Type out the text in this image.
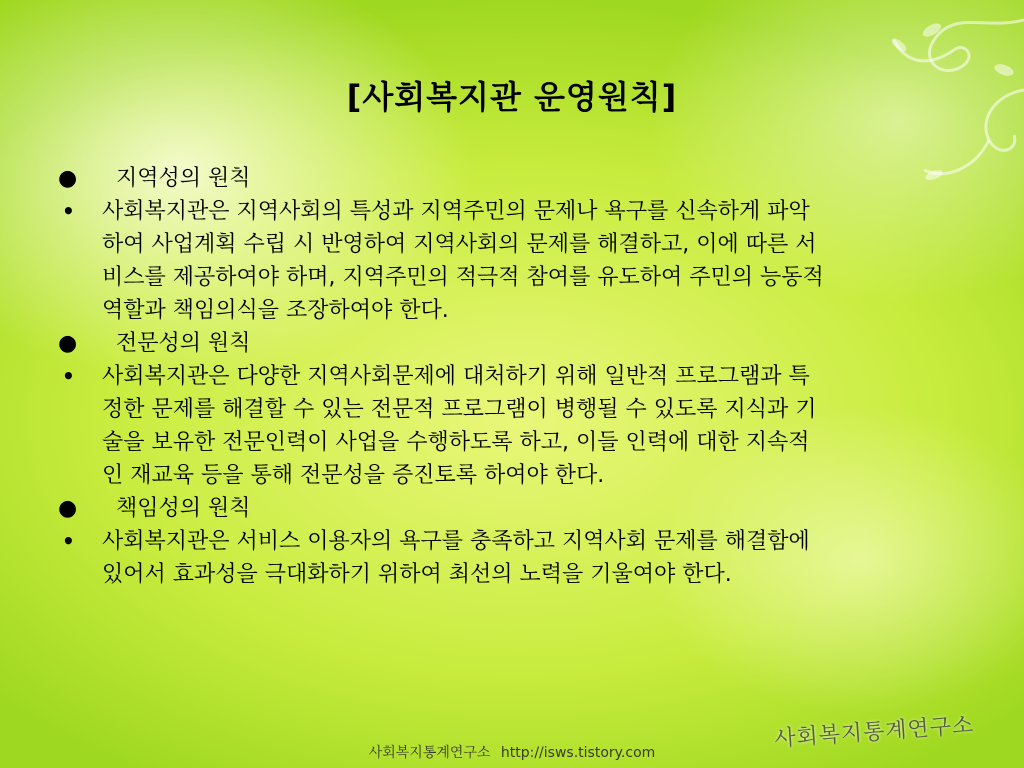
[사회복지관 운영원칙]
●	지역성의 원칙
•	사회복지관은 지역사회의 특성과 지역주민의 문제나 욕구를 신속하게 파악하여 사업계획 수립 시 반영하여 지역사회의 문제를 해결하고, 이에 따른 서비스를 제공하여야 하며, 지역주민의 적극적 참여를 유도하여 주민의 능동적 역할과 책임의식을 조장하여야 한다.
●	전문성의 원칙
•	사회복지관은 다양한 지역사회문제에 대처하기 위해 일반적 프로그램과 특정한 문제를 해결할 수 있는 전문적 프로그램이 병행될 수 있도록 지식과 기술을 보유한 전문인력이 사업을 수행하도록 하고, 이들 인력에 대한 지속적인 재교육 등을 통해 전문성을 증진토록 하여야 한다.
●	책임성의 원칙
•	사회복지관은 서비스 이용자의 욕구를 충족하고 지역사회 문제를 해결함에 있어서 효과성을 극대화하기 위하여 최선의 노력을 기울여야 한다.
사회복지통계연구소
사회복지통계연구소 http://isws.tistory.com
